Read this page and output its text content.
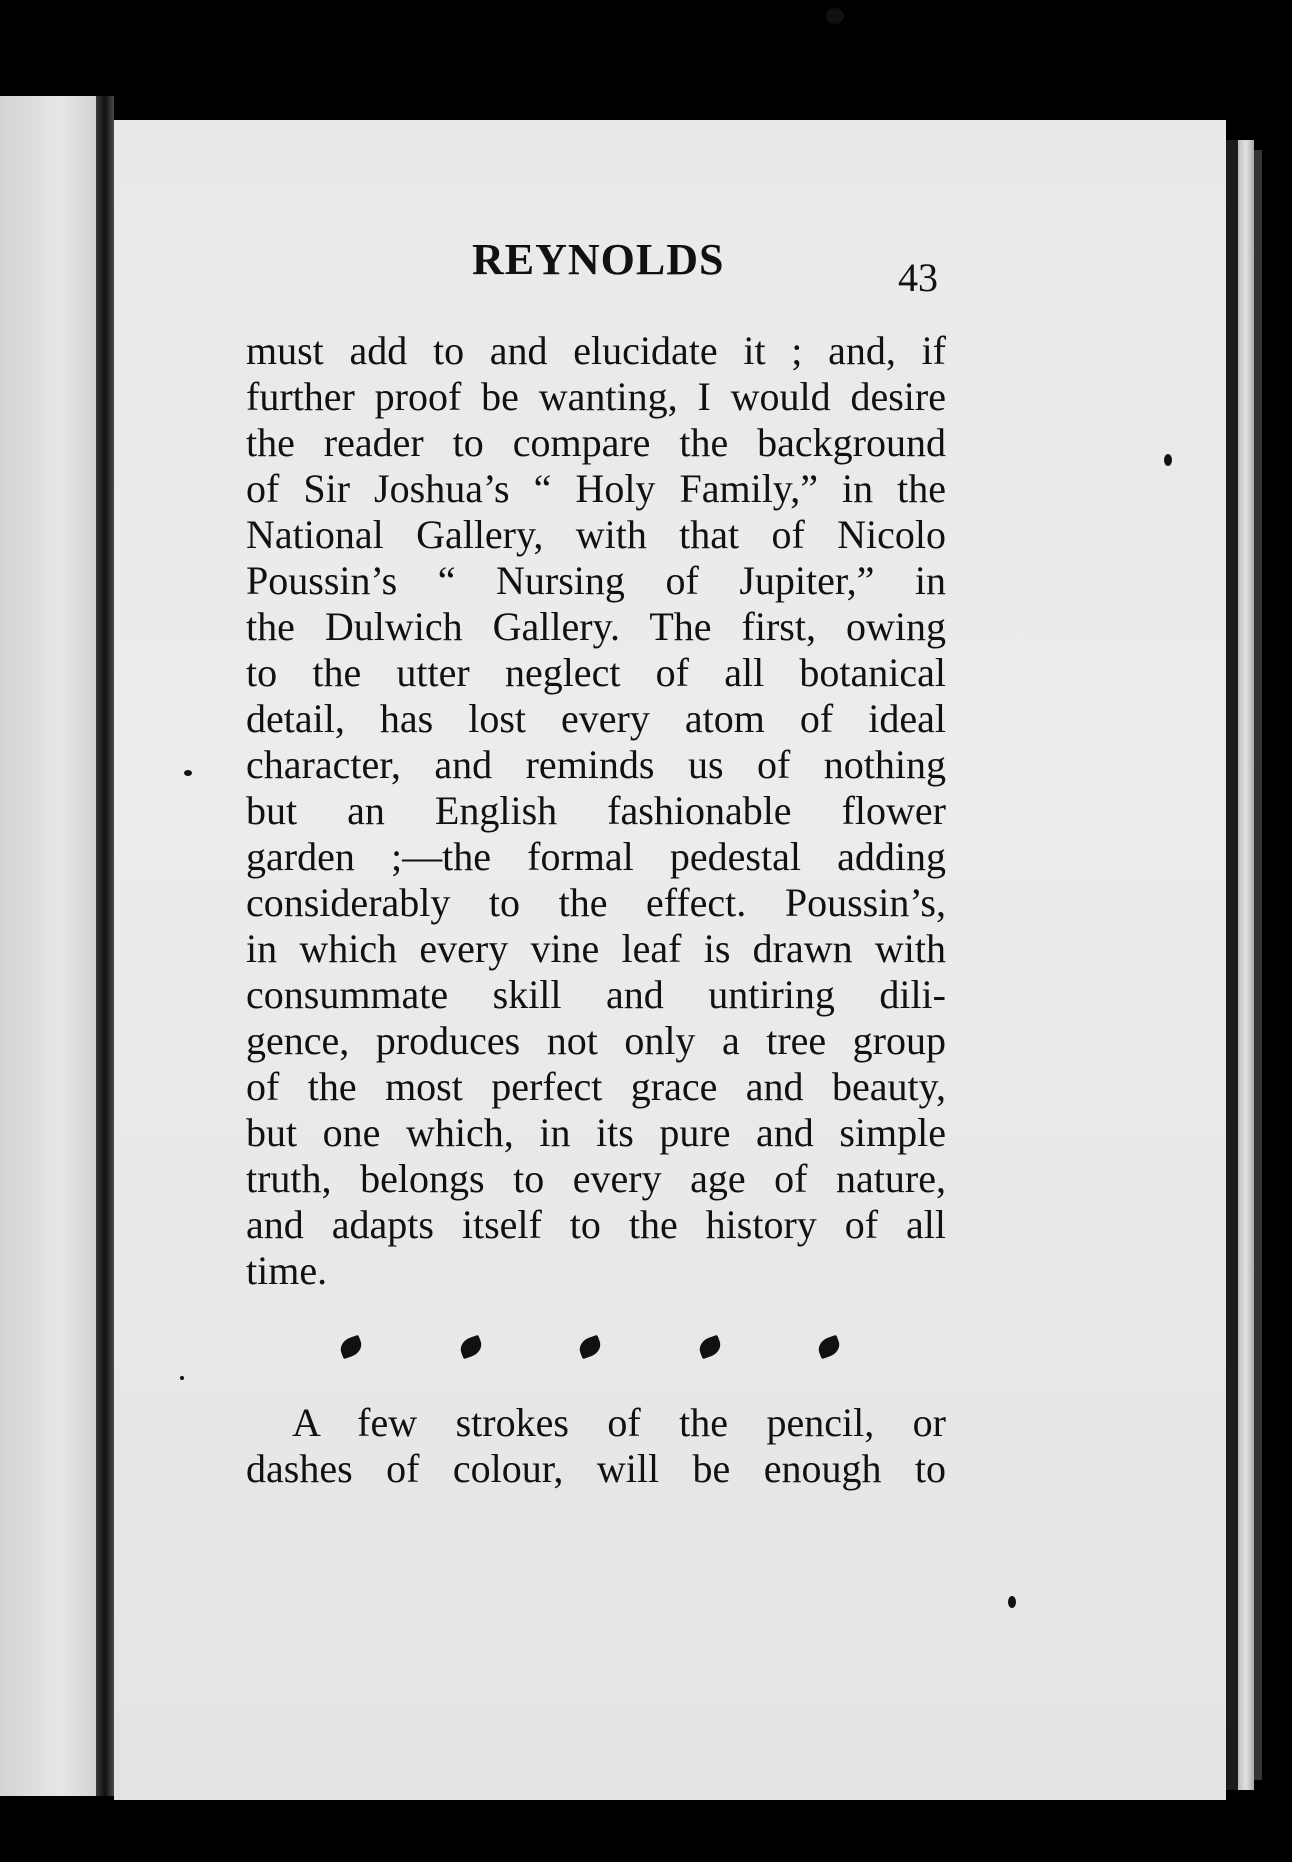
REYNOLDS	43
must add to and elucidate it ; and, if
further proof be wanting, I would desire
the reader to compare the background
of Sir Joshua’s “ Holy Family,” in the
National Gallery, with that of Nicolo
Poussin’s “ Nursing of Jupiter,” in
the Dulwich Gallery. The first, owing
to the utter neglect of all botanical
detail, has lost every atom of ideal
character, and reminds us of nothing
but an English fashionable flower
garden ;—the formal pedestal adding
considerably to the effect. Poussin’s,
in which every vine leaf is drawn with
consummate skill and untiring dili-
gence, produces not only a tree group
of the most perfect grace and beauty,
but one which, in its pure and simple
truth, belongs to every age of nature,
and adapts itself to the history of all
time.
A few strokes of the pencil, or
dashes of colour, will be enough to
